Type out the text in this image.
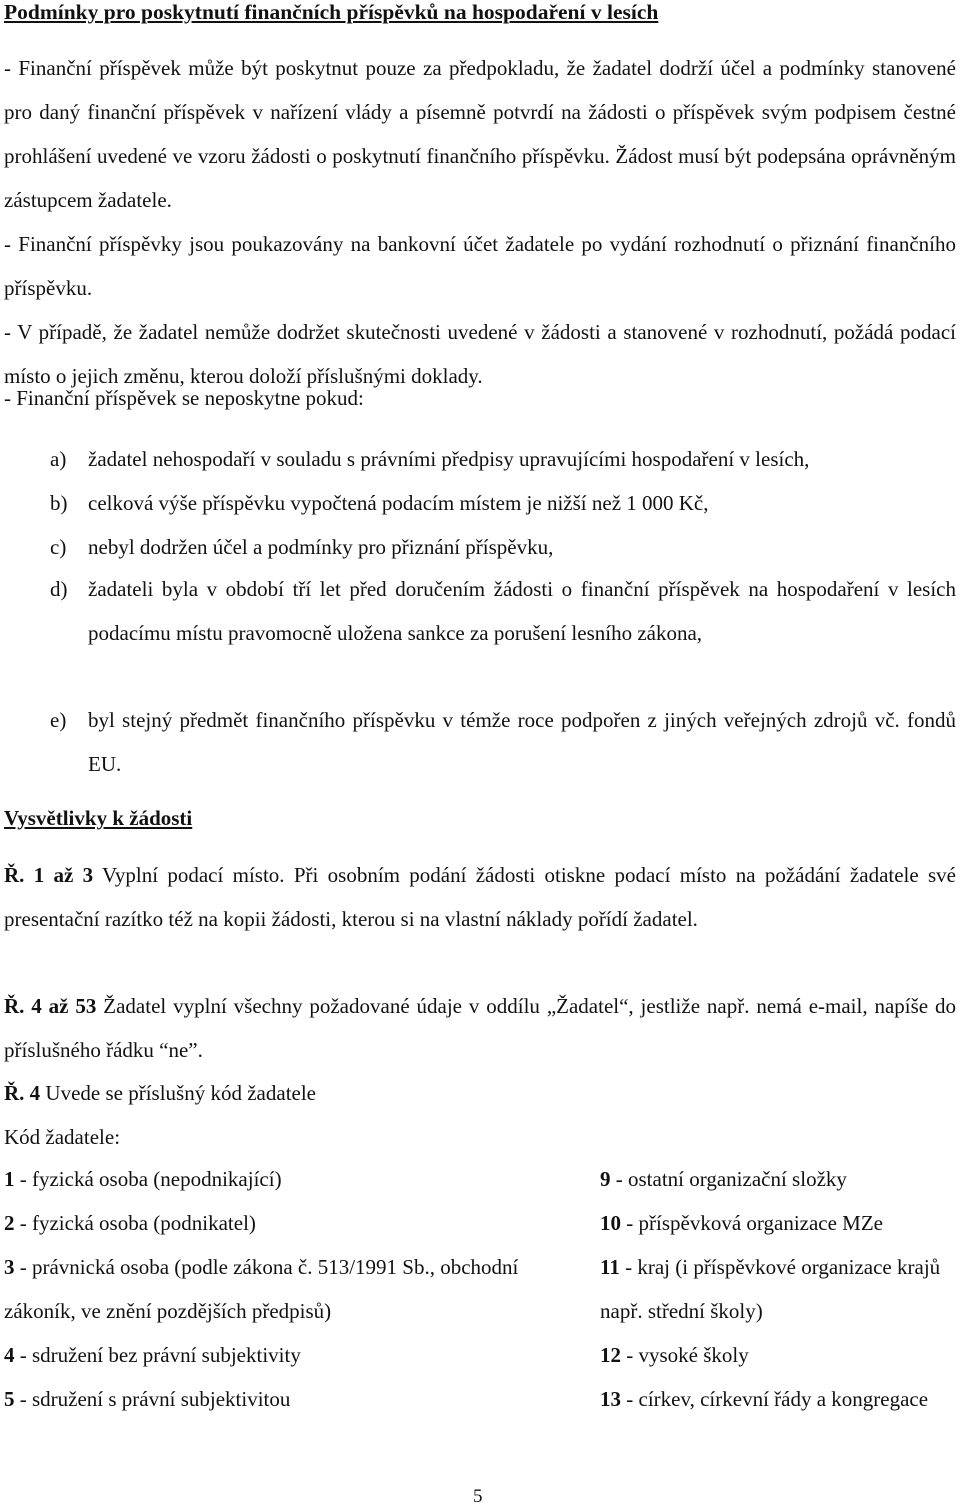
Podmínky pro poskytnutí finančních příspěvků na hospodaření v lesích

- Finanční příspěvek může být poskytnut pouze za předpokladu, že žadatel dodrží účel a podmínky stanovené pro daný finanční příspěvek v nařízení vlády a písemně potvrdí na žádosti o příspěvek svým podpisem čestné prohlášení uvedené ve vzoru žádosti o poskytnutí finančního příspěvku. Žádost musí být podepsána oprávněným zástupcem žadatele.

- Finanční příspěvky jsou poukazovány na bankovní účet žadatele po vydání rozhodnutí o přiznání finančního příspěvku.

- V případě, že žadatel nemůže dodržet skutečnosti uvedené v žádosti a stanovené v rozhodnutí, požádá podací místo o jejich změnu, kterou doloží příslušnými doklady.

- Finanční příspěvek se neposkytne pokud:

a) žadatel nehospodaří v souladu s právními předpisy upravujícími hospodaření v lesích,
b) celková výše příspěvku vypočtená podacím místem je nižší než 1 000 Kč,
c) nebyl dodržen účel a podmínky pro přiznání příspěvku,
d) žadateli byla v období tří let před doručením žádosti o finanční příspěvek na hospodaření v lesích podacímu místu pravomocně uložena sankce za porušení lesního zákona,
e) byl stejný předmět finančního příspěvku v témže roce podpořen z jiných veřejných zdrojů vč. fondů EU.
Vysvětlivky k žádosti

Ř. 1 až 3 Vyplní podací místo. Při osobním podání žádosti otiskne podací místo na požádání žadatele své presentační razítko též na kopii žádosti, kterou si na vlastní náklady pořídí žadatel.

Ř. 4 až 53 Žadatel vyplní všechny požadované údaje v oddílu „Žadatel“, jestliže např. nemá e-mail, napíše do příslušného řádku “ne”.

Ř. 4 Uvede se příslušný kód žadatele
Kód žadatele:
1 - fyzická osoba (nepodnikající)
2 - fyzická osoba (podnikatel)
3 - právnická osoba (podle zákona č. 513/1991 Sb., obchodní zákoník, ve znění pozdějších předpisů)
4 - sdružení bez právní subjektivity
5 - sdružení s právní subjektivitou
9 - ostatní organizační složky
10 - příspěvková organizace MZe
11 - kraj (i příspěvkové organizace krajů např. střední školy)
12 - vysoké školy
13 - církev, církevní řády a kongregace
5
